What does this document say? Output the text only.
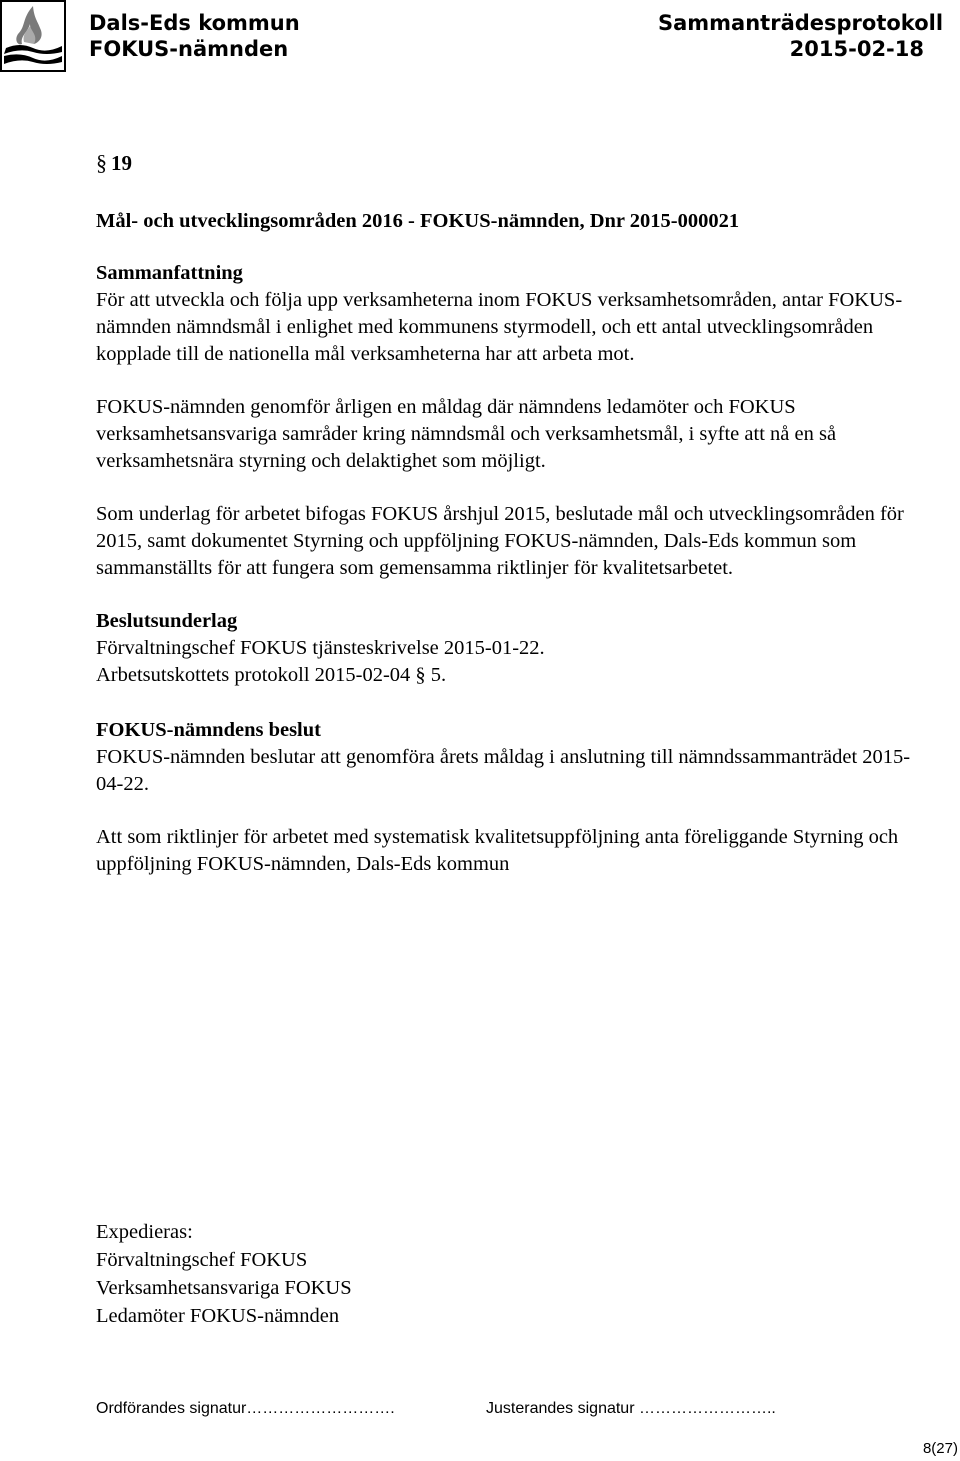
Dals-Eds kommun
FOKUS-nämnden
Sammanträdesprotokoll
2015-02-18
§ 19

Mål- och utvecklingsområden 2016 - FOKUS-nämnden, Dnr 2015-000021

Sammanfattning

För att utveckla och följa upp verksamheterna inom FOKUS verksamhetsområden, antar FOKUS-nämnden nämndsmål i enlighet med kommunens styrmodell, och ett antal utvecklingsområden kopplade till de nationella mål verksamheterna har att arbeta mot.

FOKUS-nämnden genomför årligen en måldag där nämndens ledamöter och FOKUS verksamhetsansvariga samråder kring nämndsmål och verksamhetsmål, i syfte att nå en så verksamhetsnära styrning och delaktighet som möjligt.

Som underlag för arbetet bifogas FOKUS årshjul 2015, beslutade mål och utvecklingsområden för 2015, samt dokumentet Styrning och uppföljning FOKUS-nämnden, Dals-Eds kommun som sammanställts för att fungera som gemensamma riktlinjer för kvalitetsarbetet.

Beslutsunderlag

Förvaltningschef FOKUS tjänsteskrivelse 2015-01-22.

Arbetsutskottets protokoll 2015-02-04 § 5.

FOKUS-nämndens beslut

FOKUS-nämnden beslutar att genomföra årets måldag i anslutning till nämndssammanträdet 2015-04-22.

Att som riktlinjer för arbetet med systematisk kvalitetsuppföljning anta föreliggande Styrning och uppföljning FOKUS-nämnden, Dals-Eds kommun

Expedieras:
Förvaltningschef FOKUS
Verksamhetsansvariga FOKUS
Ledamöter FOKUS-nämnden
Ordförandes signatur……………………….	Justerandes signatur ……………………..
8(27)
